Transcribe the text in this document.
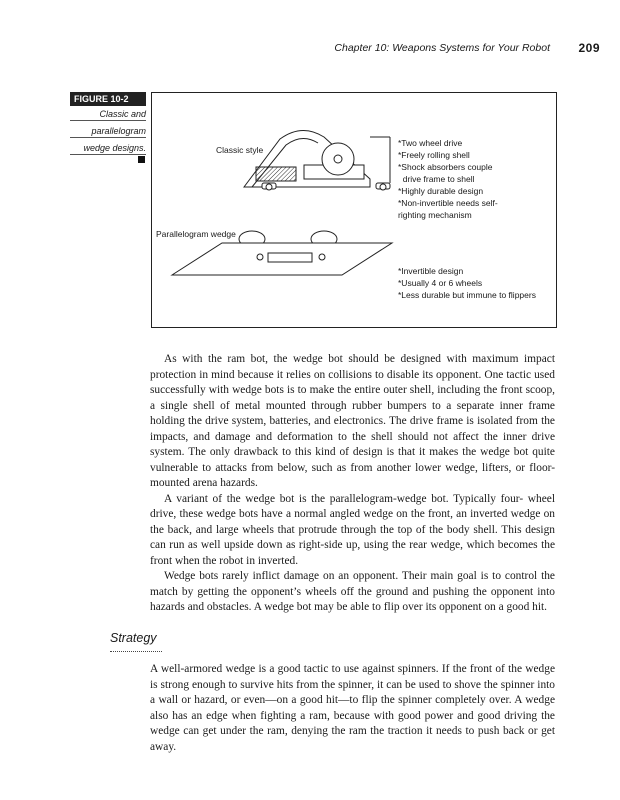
Chapter 10: Weapons Systems for Your Robot 209
FIGURE 10-2
Classic and
parallelogram
wedge designs.	Classic style
*Two wheel drive
*Freely rolling shell
*Shock absorbers couple
drive frame to shell
*Highly durable design
*Non-invertible needs self-
righting mechanism
Parallelogram wedge
*Invertible design
*Usually 4 or 6 wheels
*Less durable but immune to flippers

As with the ram bot, the wedge bot should be designed with maximum impact protection in mind because it relies on collisions to disable its opponent. One tactic used successfully with wedge bots is to make the entire outer shell, including the front scoop, a single shell of metal mounted through rubber bumpers to a separate inner frame holding the drive system, batteries, and electronics. The drive frame is isolated from the impacts, and damage and deformation to the shell should not affect the inner drive system. The only drawback to this kind of design is that it makes the wedge bot quite vulnerable to attacks from below, such as from another lower wedge, lifters, or floor-mounted arena hazards.

A variant of the wedge bot is the parallelogram-wedge bot. Typically four- wheel drive, these wedge bots have a normal angled wedge on the front, an inverted wedge on the back, and large wheels that protrude through the top of the body shell. This design can run as well upside down as right-side up, using the rear wedge, which becomes the front when the robot in inverted.

Wedge bots rarely inflict damage on an opponent. Their main goal is to control the match by getting the opponent’s wheels off the ground and pushing the opponent into hazards and obstacles. A wedge bot may be able to flip over its opponent on a good hit.

Strategy

A well-armored wedge is a good tactic to use against spinners. If the front of the wedge is strong enough to survive hits from the spinner, it can be used to shove the spinner into a wall or hazard, or even—on a good hit—to flip the spinner completely over. A wedge also has an edge when fighting a ram, because with good power and good driving the wedge can get under the ram, denying the ram the traction it needs to push back or get away.
